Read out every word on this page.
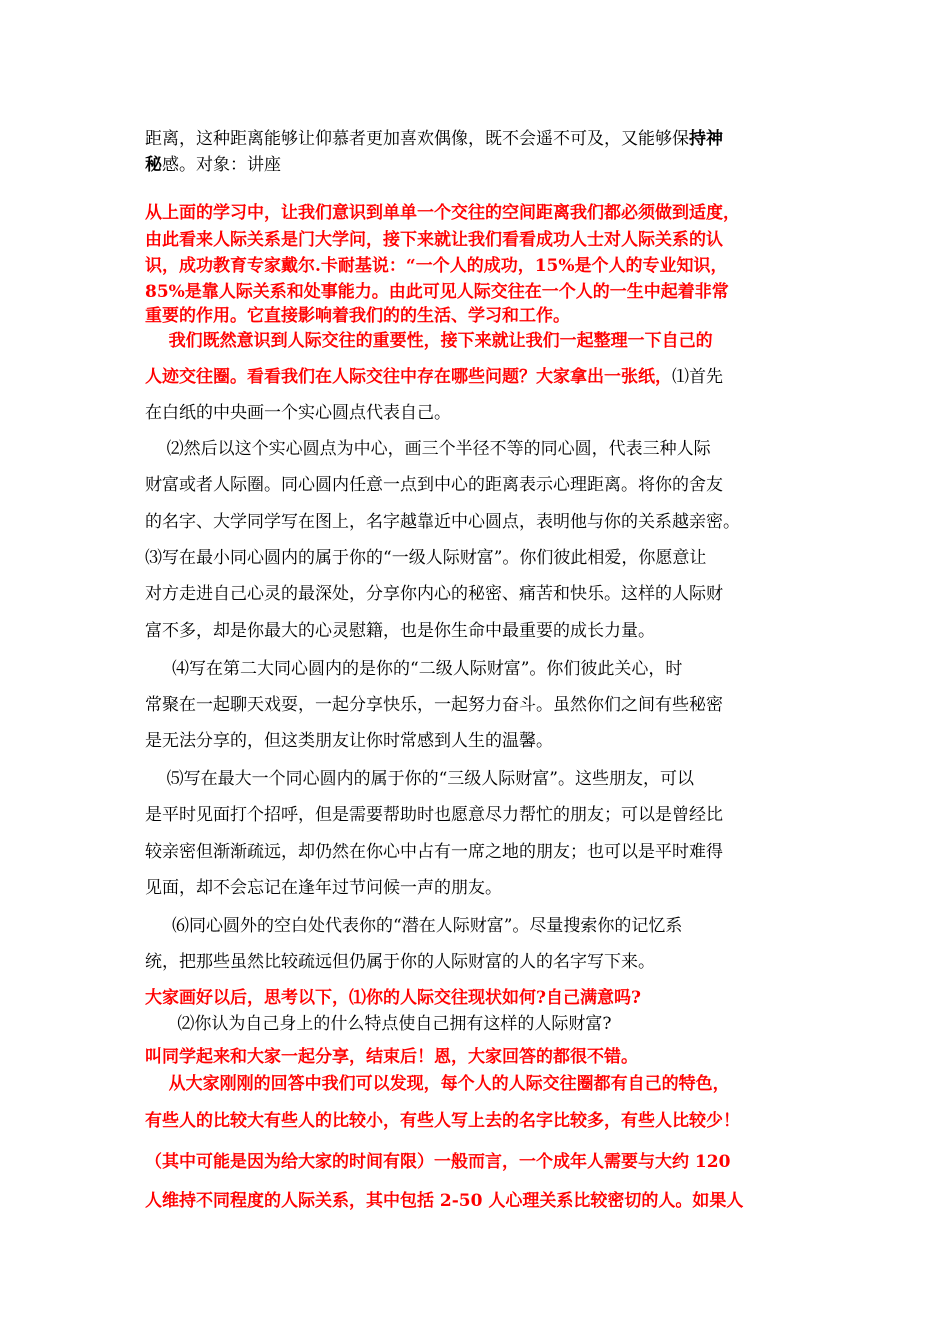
距离，这种距离能够让仰慕者更加喜欢偶像，既不会遥不可及，又能够保持神
秘感。对象：讲座
从上面的学习中，让我们意识到单单一个交往的空间距离我们都必须做到适度，
由此看来人际关系是门大学问，接下来就让我们看看成功人士对人际关系的认
识，成功教育专家戴尔.卡耐基说：“一个人的成功，15%是个人的专业知识，
85%是靠人际关系和处事能力。由此可见人际交往在一个人的一生中起着非常
重要的作用。它直接影响着我们的的生活、学习和工作。
我们既然意识到人际交往的重要性，接下来就让我们一起整理一下自己的
人迹交往圈。看看我们在人际交往中存在哪些问题？大家拿出一张纸，⑴首先
在白纸的中央画一个实心圆点代表自己。
⑵然后以这个实心圆点为中心，画三个半径不等的同心圆，代表三种人际
财富或者人际圈。同心圆内任意一点到中心的距离表示心理距离。将你的舍友
的名字、大学同学写在图上，名字越靠近中心圆点，表明他与你的关系越亲密。
⑶写在最小同心圆内的属于你的“一级人际财富”。你们彼此相爱，你愿意让
对方走进自己心灵的最深处，分享你内心的秘密、痛苦和快乐。这样的人际财
富不多，却是你最大的心灵慰籍，也是你生命中最重要的成长力量。
⑷写在第二大同心圆内的是你的“二级人际财富”。你们彼此关心，时
常聚在一起聊天戏耍，一起分享快乐，一起努力奋斗。虽然你们之间有些秘密
是无法分享的，但这类朋友让你时常感到人生的温馨。
⑸写在最大一个同心圆内的属于你的“三级人际财富”。这些朋友，可以
是平时见面打个招呼，但是需要帮助时也愿意尽力帮忙的朋友；可以是曾经比
较亲密但渐渐疏远，却仍然在你心中占有一席之地的朋友；也可以是平时难得
见面，却不会忘记在逢年过节问候一声的朋友。
⑹同心圆外的空白处代表你的“潜在人际财富”。尽量搜索你的记忆系
统，把那些虽然比较疏远但仍属于你的人际财富的人的名字写下来。
大家画好以后，思考以下，⑴你的人际交往现状如何?自己满意吗?
⑵你认为自己身上的什么特点使自己拥有这样的人际财富?
叫同学起来和大家一起分享，结束后！恩，大家回答的都很不错。
从大家刚刚的回答中我们可以发现，每个人的人际交往圈都有自己的特色，
有些人的比较大有些人的比较小，有些人写上去的名字比较多，有些人比较少！
（其中可能是因为给大家的时间有限）一般而言，一个成年人需要与大约 120
人维持不同程度的人际关系，其中包括 2-50 人心理关系比较密切的人。如果人
